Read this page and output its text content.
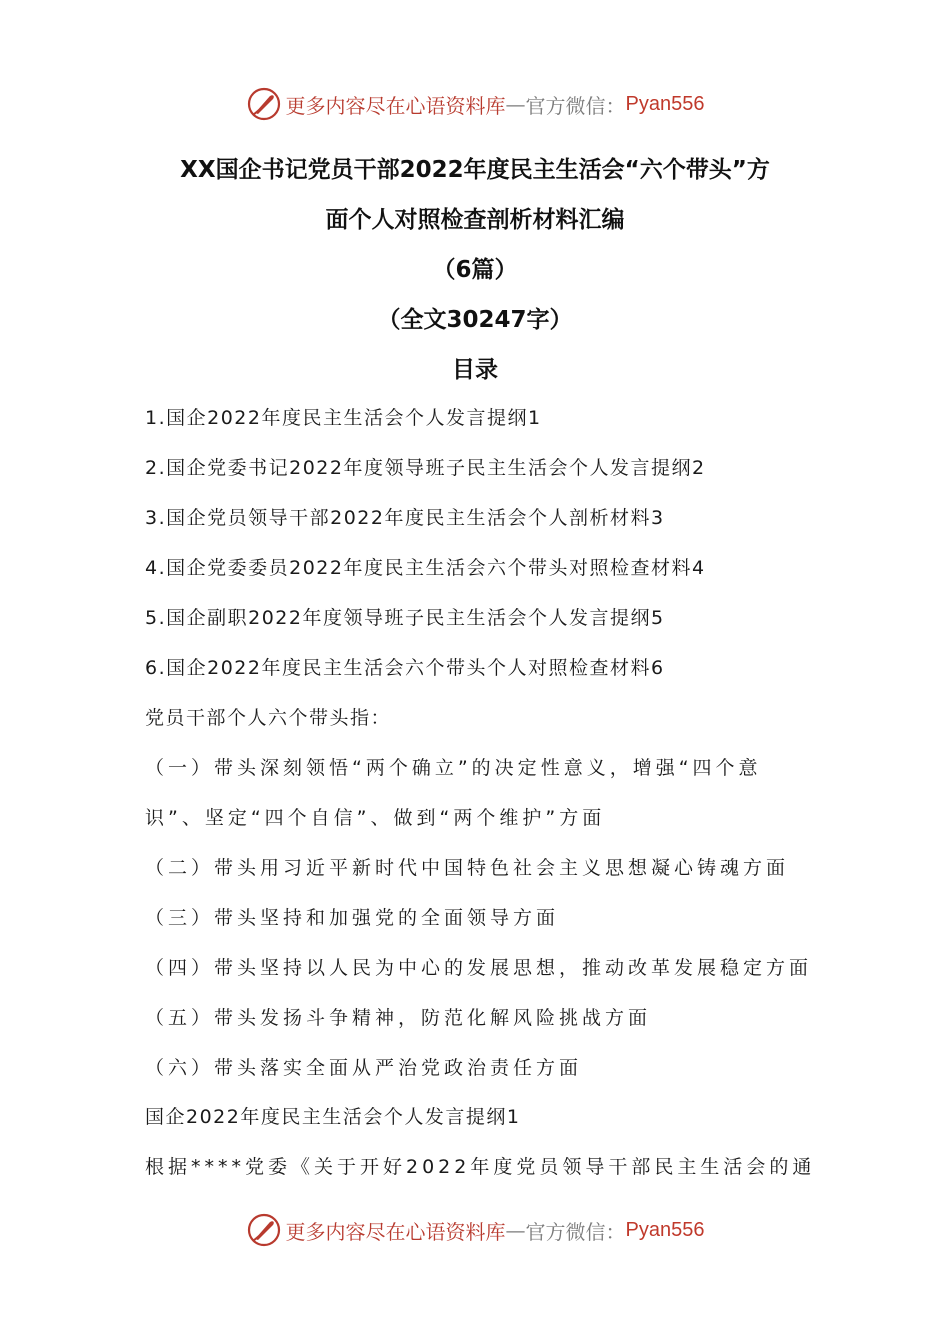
更多内容尽在心语资料库 — 官方微信： Pyan556
XX国企书记党员干部2022年度民主生活会“六个带头”方
面个人对照检查剖析材料汇编
（6篇）
（全文30247字）
目录
1.国企2022年度民主生活会个人发言提纲1
2.国企党委书记2022年度领导班子民主生活会个人发言提纲2
3.国企党员领导干部2022年度民主生活会个人剖析材料3
4.国企党委委员2022年度民主生活会六个带头对照检查材料4
5.国企副职2022年度领导班子民主生活会个人发言提纲5
6.国企2022年度民主生活会六个带头个人对照检查材料6
党员干部个人六个带头指：
（一）带头深刻领悟“两个确立”的决定性意义，增强“四个意
识”、坚定“四个自信”、做到“两个维护”方面
（二）带头用习近平新时代中国特色社会主义思想凝心铸魂方面
（三）带头坚持和加强党的全面领导方面
（四）带头坚持以人民为中心的发展思想，推动改革发展稳定方面
（五）带头发扬斗争精神，防范化解风险挑战方面
（六）带头落实全面从严治党政治责任方面
国企2022年度民主生活会个人发言提纲1
根据****党委《关于开好2022年度党员领导干部民主生活会的通
更多内容尽在心语资料库 — 官方微信： Pyan556
